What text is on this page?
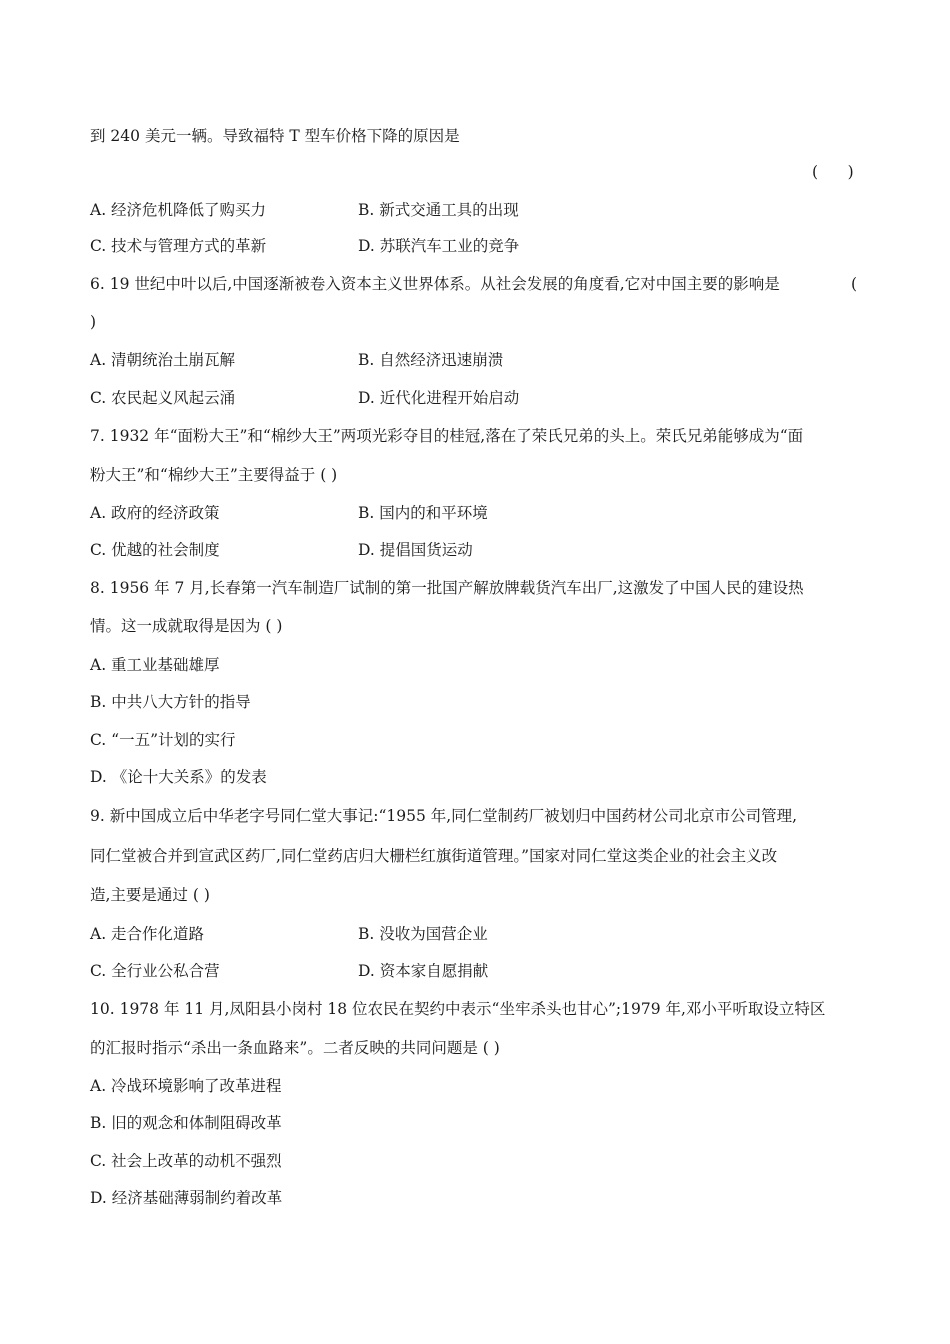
到 240 美元一辆。导致福特 T 型车价格下降的原因是
(      )
A. 经济危机降低了购买力	B. 新式交通工具的出现
C. 技术与管理方式的革新	D. 苏联汽车工业的竞争
6. 19 世纪中叶以后,中国逐渐被卷入资本主义世界体系。从社会发展的角度看,它对中国主要的影响是	(
)
A. 清朝统治土崩瓦解	B. 自然经济迅速崩溃
C. 农民起义风起云涌	D. 近代化进程开始启动
7. 1932 年“面粉大王”和“棉纱大王”两项光彩夺目的桂冠,落在了荣氏兄弟的头上。荣氏兄弟能够成为“面
粉大王”和“棉纱大王”主要得益于 ( )
A. 政府的经济政策	B. 国内的和平环境
C. 优越的社会制度	D. 提倡国货运动
8. 1956 年 7 月,长春第一汽车制造厂试制的第一批国产解放牌载货汽车出厂,这激发了中国人民的建设热
情。这一成就取得是因为 ( )
A. 重工业基础雄厚
B. 中共八大方针的指导
C. “一五”计划的实行
D. 《论十大关系》的发表
9. 新中国成立后中华老字号同仁堂大事记:“1955 年,同仁堂制药厂被划归中国药材公司北京市公司管理,
同仁堂被合并到宣武区药厂,同仁堂药店归大栅栏红旗街道管理。”国家对同仁堂这类企业的社会主义改
造,主要是通过 ( )
A. 走合作化道路	B. 没收为国营企业
C. 全行业公私合营	D. 资本家自愿捐献
10. 1978 年 11 月,凤阳县小岗村 18 位农民在契约中表示“坐牢杀头也甘心”;1979 年,邓小平听取设立特区
的汇报时指示“杀出一条血路来”。二者反映的共同问题是 ( )
A. 冷战环境影响了改革进程
B. 旧的观念和体制阻碍改革
C. 社会上改革的动机不强烈
D. 经济基础薄弱制约着改革
